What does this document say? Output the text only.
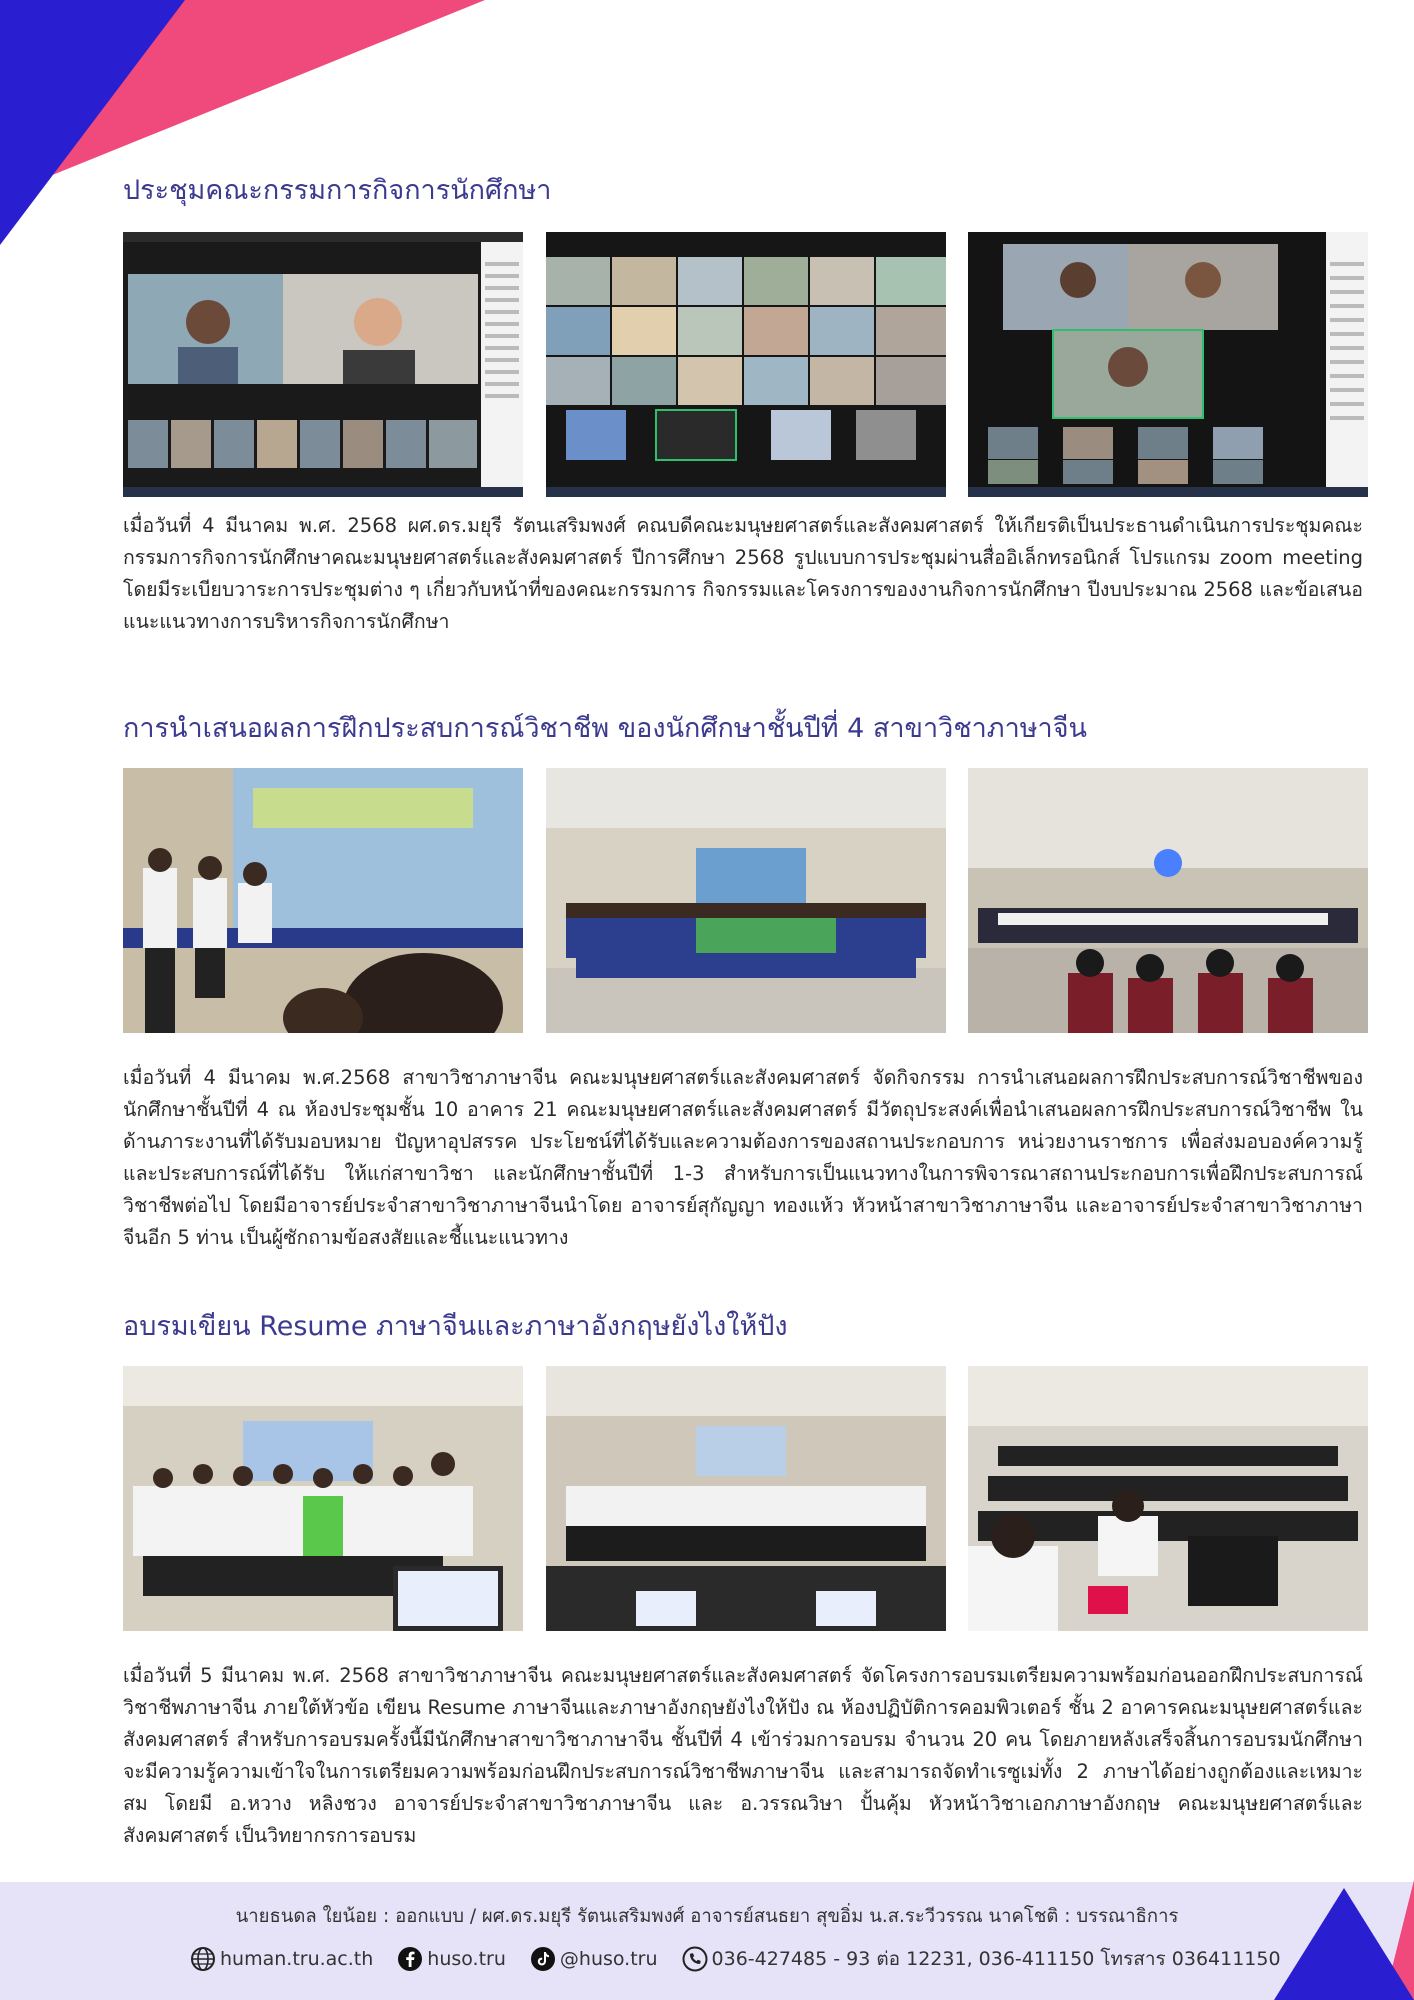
ประชุมคณะกรรมการกิจการนักศึกษา

เมื่อวันที่ 4 มีนาคม พ.ศ. 2568 ผศ.ดร.มยุรี รัตนเสริมพงศ์ คณบดีคณะมนุษยศาสตร์และสังคมศาสตร์ ให้เกียรติเป็นประธานดำเนินการประชุมคณะกรรมการกิจการนักศึกษาคณะมนุษยศาสตร์และสังคมศาสตร์ ปีการศึกษา 2568 รูปแบบการประชุมผ่านสื่ออิเล็กทรอนิกส์ โปรแกรม zoom meeting โดยมีระเบียบวาระการประชุมต่าง ๆ เกี่ยวกับหน้าที่ของคณะกรรมการ กิจกรรมและโครงการของงานกิจการนักศึกษา ปีงบประมาณ 2568 และข้อเสนอแนะแนวทางการบริหารกิจการนักศึกษา

การนำเสนอผลการฝึกประสบการณ์วิชาชีพ ของนักศึกษาชั้นปีที่ 4 สาขาวิชาภาษาจีน

เมื่อวันที่ 4 มีนาคม พ.ศ.2568 สาขาวิชาภาษาจีน คณะมนุษยศาสตร์และสังคมศาสตร์ จัดกิจกรรม การนำเสนอผลการฝึกประสบการณ์วิชาชีพของนักศึกษาชั้นปีที่ 4 ณ ห้องประชุมชั้น 10 อาคาร 21 คณะมนุษยศาสตร์และสังคมศาสตร์ มีวัตถุประสงค์เพื่อนำเสนอผลการฝึกประสบการณ์วิชาชีพ ในด้านภาระงานที่ได้รับมอบหมาย ปัญหาอุปสรรค ประโยชน์ที่ได้รับและความต้องการของสถานประกอบการ หน่วยงานราชการ เพื่อส่งมอบองค์ความรู้ และประสบการณ์ที่ได้รับ ให้แก่สาขาวิชา และนักศึกษาชั้นปีที่ 1-3 สำหรับการเป็นแนวทางในการพิจารณาสถานประกอบการเพื่อฝึกประสบการณ์วิชาชีพต่อไป โดยมีอาจารย์ประจำสาขาวิชาภาษาจีนนำโดย อาจารย์สุกัญญา ทองแห้ว หัวหน้าสาขาวิชาภาษาจีน และอาจารย์ประจำสาขาวิชาภาษาจีนอีก 5 ท่าน เป็นผู้ซักถามข้อสงสัยและชี้แนะแนวทาง

อบรมเขียน Resume ภาษาจีนและภาษาอังกฤษยังไงให้ปัง

เมื่อวันที่ 5 มีนาคม พ.ศ. 2568 สาขาวิชาภาษาจีน คณะมนุษยศาสตร์และสังคมศาสตร์ จัดโครงการอบรมเตรียมความพร้อมก่อนออกฝึกประสบการณ์วิชาชีพภาษาจีน ภายใต้หัวข้อ เขียน Resume ภาษาจีนและภาษาอังกฤษยังไงให้ปัง ณ ห้องปฏิบัติการคอมพิวเตอร์ ชั้น 2 อาคารคณะมนุษยศาสตร์และสังคมศาสตร์ สำหรับการอบรมครั้งนี้มีนักศึกษาสาขาวิชาภาษาจีน ชั้นปีที่ 4 เข้าร่วมการอบรม จำนวน 20 คน โดยภายหลังเสร็จสิ้นการอบรมนักศึกษาจะมีความรู้ความเข้าใจในการเตรียมความพร้อมก่อนฝึกประสบการณ์วิชาชีพภาษาจีน และสามารถจัดทำเรซูเม่ทั้ง 2 ภาษาได้อย่างถูกต้องและเหมาะสม โดยมี อ.หวาง หลิงชวง อาจารย์ประจำสาขาวิชาภาษาจีน และ อ.วรรณวิษา ปั้นคุ้ม หัวหน้าวิชาเอกภาษาอังกฤษ คณะมนุษยศาสตร์และสังคมศาสตร์ เป็นวิทยากรการอบรม

นายธนดล ใยน้อย : ออกแบบ / ผศ.ดร.มยุรี รัตนเสริมพงศ์ อาจารย์สนธยา สุขอิ่ม น.ส.ระวีวรรณ นาคโชติ : บรรณาธิการ
human.tru.ac.th	huso.tru	@huso.tru	036-427485 - 93 ต่อ 12231, 036-411150 โทรสาร 036411150
